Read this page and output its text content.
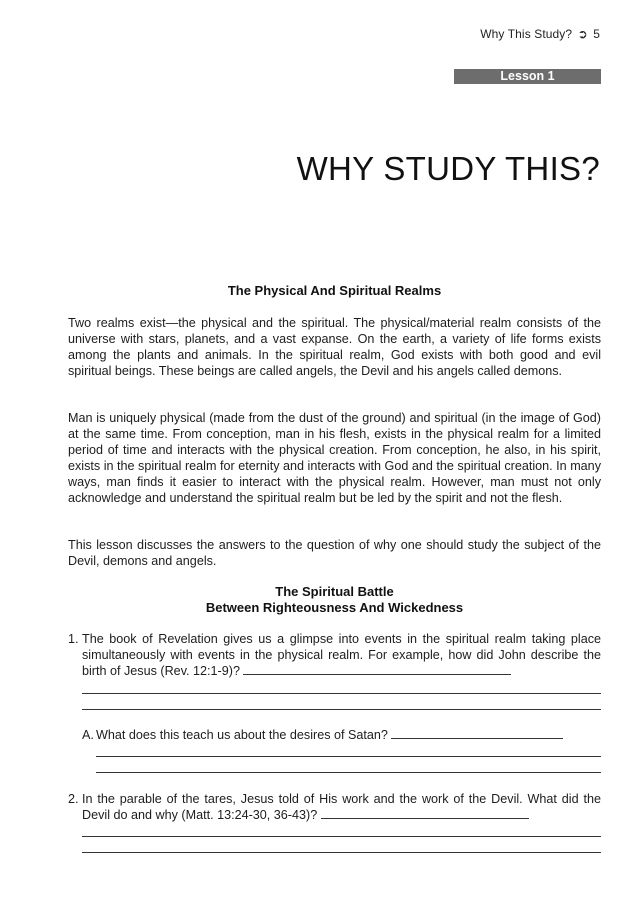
Why This Study? ➲ 5
Lesson 1
WHY STUDY THIS?
The Physical And Spiritual Realms

Two realms exist—the physical and the spiritual. The physical/material realm consists of the universe with stars, planets, and a vast expanse. On the earth, a variety of life forms exists among the plants and animals. In the spiritual realm, God exists with both good and evil spiritual beings. These beings are called angels, the Devil and his angels called demons.

Man is uniquely physical (made from the dust of the ground) and spiritual (in the image of God) at the same time. From conception, man in his flesh, exists in the physical realm for a limited period of time and interacts with the physical creation. From conception, he also, in his spirit, exists in the spiritual realm for eternity and interacts with God and the spiritual creation. In many ways, man finds it easier to interact with the physical realm. However, man must not only acknowledge and understand the spiritual realm but be led by the spirit and not the flesh.

This lesson discusses the answers to the question of why one should study the subject of the Devil, demons and angels.

The Spiritual Battle
Between Righteousness And Wickedness
1. The book of Revelation gives us a glimpse into events in the spiritual realm taking place simultaneously with events in the physical realm. For example, how did John describe the birth of Jesus (Rev. 12:1-9)?
A. What does this teach us about the desires of Satan?
2. In the parable of the tares, Jesus told of His work and the work of the Devil. What did the Devil do and why (Matt. 13:24-30, 36-43)?
